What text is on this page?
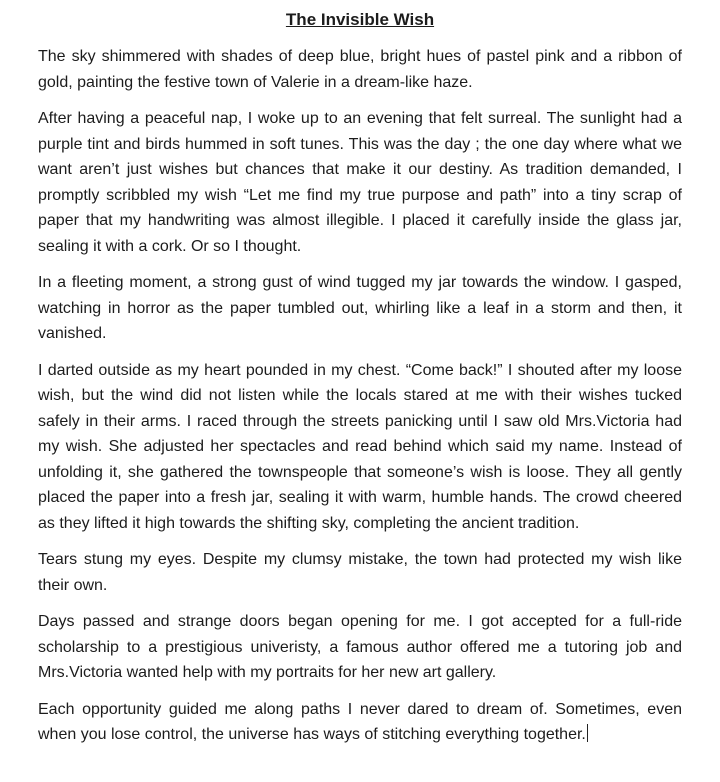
The Invisible Wish

The sky shimmered with shades of deep blue, bright hues of pastel pink and a ribbon of gold, painting the festive town of Valerie in a dream-like haze.

After having a peaceful nap, I woke up to an evening that felt surreal. The sunlight had a purple tint and birds hummed in soft tunes. This was the day ; the one day where what we want aren’t just wishes but chances that make it our destiny. As tradition demanded, I promptly scribbled my wish “Let me find my true purpose and path” into a tiny scrap of paper that my handwriting was almost illegible. I placed it carefully inside the glass jar, sealing it with a cork. Or so I thought.

In a fleeting moment, a strong gust of wind tugged my jar towards the window. I gasped, watching in horror as the paper tumbled out, whirling like a leaf in a storm and then, it vanished.

I darted outside as my heart pounded in my chest. “Come back!” I shouted after my loose wish, but the wind did not listen while the locals stared at me with their wishes tucked safely in their arms. I raced through the streets panicking until I saw old Mrs.Victoria had my wish. She adjusted her spectacles and read behind which said my name. Instead of unfolding it, she gathered the townspeople that someone’s wish is loose. They all gently placed the paper into a fresh jar, sealing it with warm, humble hands. The crowd cheered as they lifted it high towards the shifting sky, completing the ancient tradition.

Tears stung my eyes. Despite my clumsy mistake, the town had protected my wish like their own.

Days passed and strange doors began opening for me. I got accepted for a full-ride scholarship to a prestigious univeristy, a famous author offered me a tutoring job and Mrs.Victoria wanted help with my portraits for her new art gallery.

Each opportunity guided me along paths I never dared to dream of. Sometimes, even when you lose control, the universe has ways of stitching everything together.
